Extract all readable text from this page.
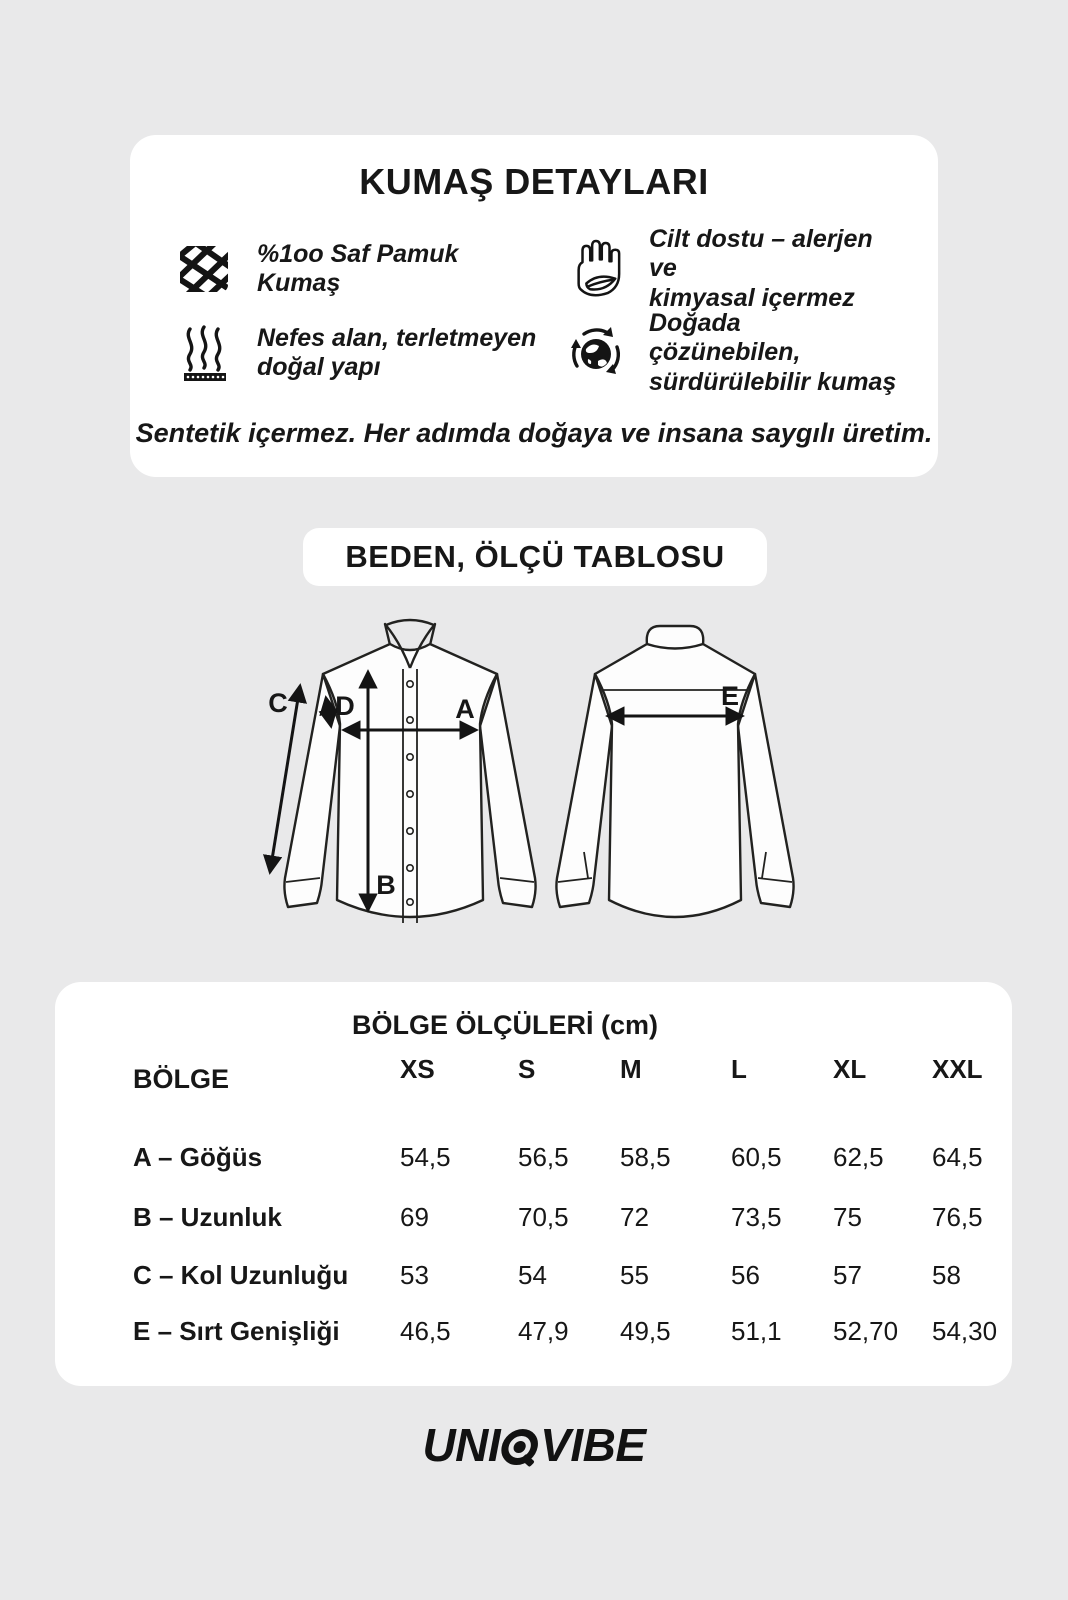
KUMAŞ DETAYLARI
%1oo Saf Pamuk
Kumaş
Cilt dostu – alerjen ve
kimyasal içermez
Nefes alan, terletmeyen
doğal yapı
Doğada çözünebilen,
sürdürülebilir kumaş
Sentetik içermez. Her adımda doğaya ve insana saygılı üretim.
BEDEN, ÖLÇÜ TABLOSU
A
B
C D	E
BÖLGE ÖLÇÜLERİ (cm)
BÖLGE	XS	S	M	L	XL	XXL
A – Göğüs	54,5	56,5	58,5	60,5	62,5	64,5
B – Uzunluk	69	70,5	72	73,5	75	76,5
C – Kol Uzunluğu	53	54	55	56	57	58
E – Sırt Genişliği	46,5	47,9	49,5	51,1	52,70	54,30
UNI VIBE
